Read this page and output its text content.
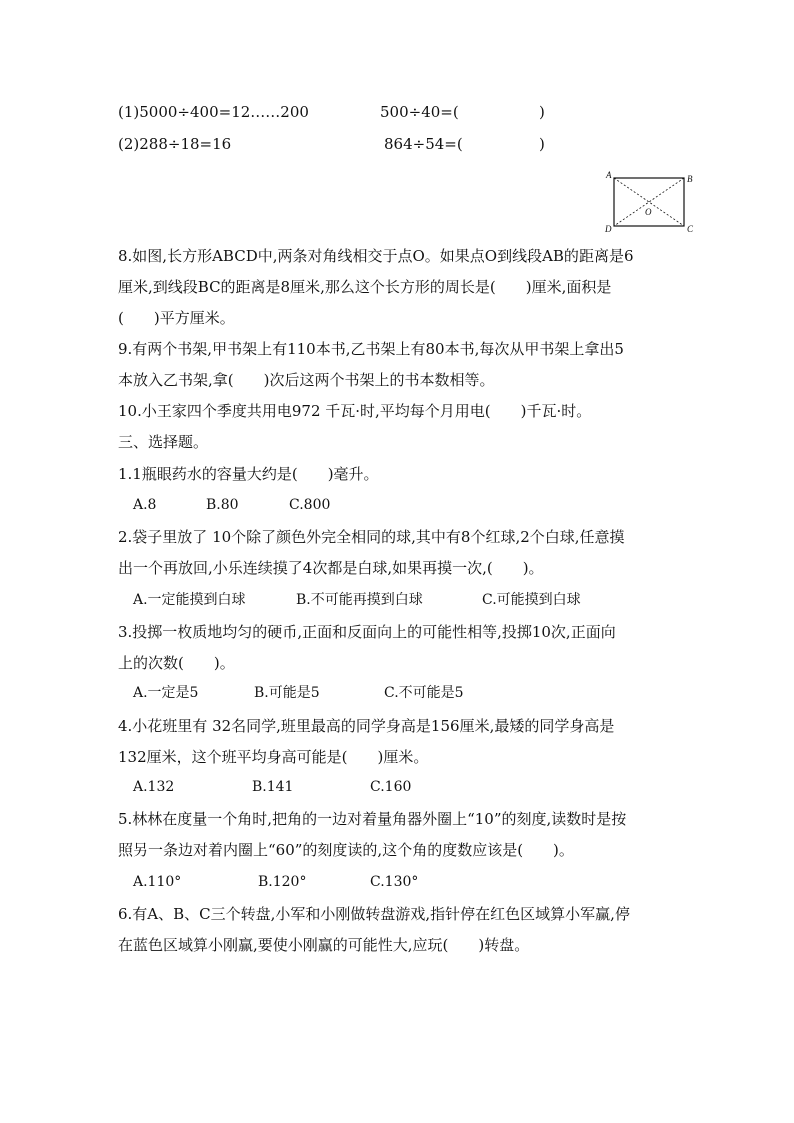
(1)5000÷400=12……200	500÷40=(	)
(2)288÷18=16	864÷54=(	)
A	B
C
D
O
8.如图,长方形ABCD中,两条对角线相交于点O。如果点O到线段AB的距离是6
厘米,到线段BC的距离是8厘米,那么这个长方形的周长是(　　)厘米,面积是
(　　)平方厘米。
9.有两个书架,甲书架上有110本书,乙书架上有80本书,每次从甲书架上拿出5
本放入乙书架,拿(　　)次后这两个书架上的书本数相等。
10.小王家四个季度共用电972 千瓦·时,平均每个月用电(　　)千瓦·时。
三、选择题。
1.1瓶眼药水的容量大约是(　　)毫升。
A.8	B.80	C.800
2.袋子里放了 10个除了颜色外完全相同的球,其中有8个红球,2个白球,任意摸
出一个再放回,小乐连续摸了4次都是白球,如果再摸一次,(　　)。
A.一定能摸到白球	B.不可能再摸到白球	C.可能摸到白球
3.投掷一枚质地均匀的硬币,正面和反面向上的可能性相等,投掷10次,正面向
上的次数(　　)。
A.一定是5	B.可能是5	C.不可能是5
4.小花班里有 32名同学,班里最高的同学身高是156厘米,最矮的同学身高是
132厘米，这个班平均身高可能是(　　)厘米。
A.132	B.141	C.160
5.林林在度量一个角时,把角的一边对着量角器外圈上“10”的刻度,读数时是按
照另一条边对着内圈上“60”的刻度读的,这个角的度数应该是(　　)。
A.110°	B.120°	C.130°
6.有A、B、C三个转盘,小军和小刚做转盘游戏,指针停在红色区域算小军赢,停
在蓝色区域算小刚赢,要使小刚赢的可能性大,应玩(　　)转盘。
